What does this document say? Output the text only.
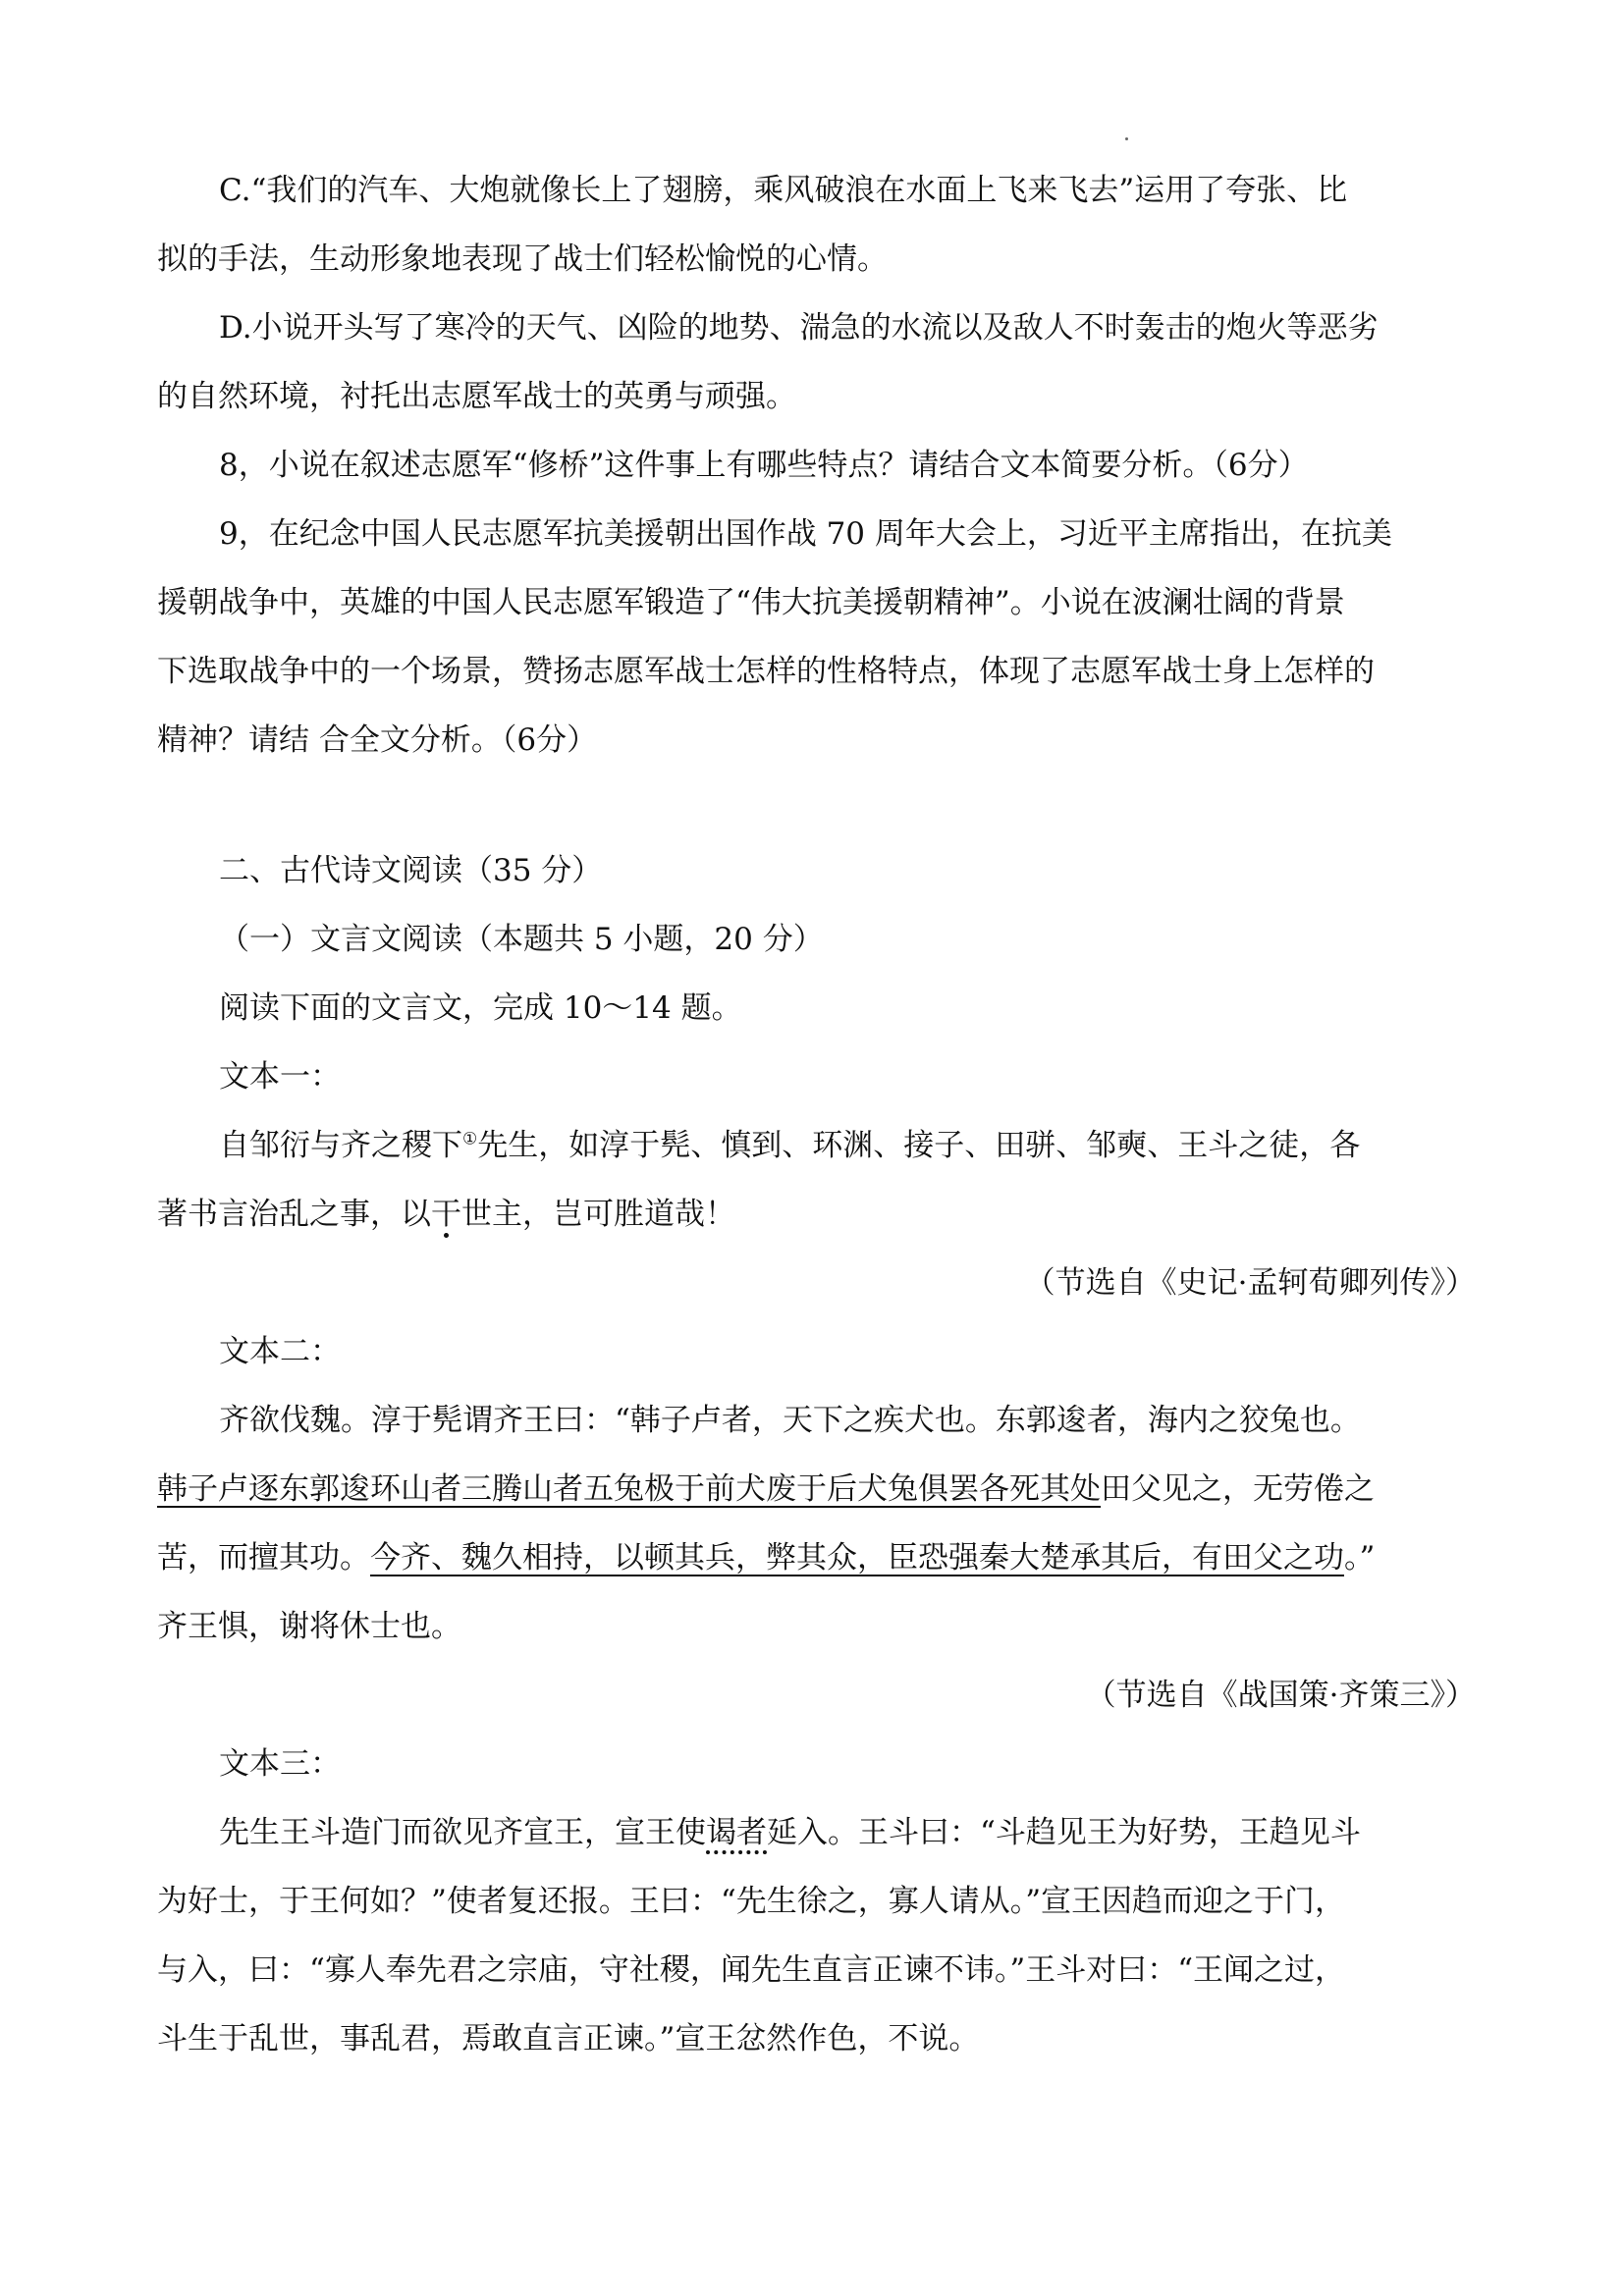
C.“我们的汽车、大炮就像长上了翅膀，乘风破浪在水面上飞来飞去”运用了夸张、比
拟的手法，生动形象地表现了战士们轻松愉悦的心情。
D.小说开头写了寒冷的天气、凶险的地势、湍急的水流以及敌人不时轰击的炮火等恶劣
的自然环境，衬托出志愿军战士的英勇与顽强。
8，小说在叙述志愿军“修桥”这件事上有哪些特点？请结合文本简要分析。（6分）
9，在纪念中国人民志愿军抗美援朝出国作战 70 周年大会上，习近平主席指出，在抗美
援朝战争中，英雄的中国人民志愿军锻造了“伟大抗美援朝精神”。小说在波澜壮阔的背景
下选取战争中的一个场景，赞扬志愿军战士怎样的性格特点，体现了志愿军战士身上怎样的
精神？请结 合全文分析。（6分）
二、古代诗文阅读（35 分）
（一）文言文阅读（本题共 5 小题，20 分）
阅读下面的文言文，完成 10～14 题。
文本一：
自邹衍与齐之稷下①先生，如淳于髡、慎到、环渊、接子、田骈、邹奭、王斗之徒，各
著书言治乱之事，以干世主，岂可胜道哉！
（节选自《史记·孟轲荀卿列传》）
文本二：
齐欲伐魏。淳于髡谓齐王曰：“韩子卢者，天下之疾犬也。东郭逡者，海内之狡兔也。
韩子卢逐东郭逡环山者三腾山者五兔极于前犬废于后犬兔俱罢各死其处田父见之，无劳倦之
苦，而擅其功。今齐、魏久相持，以顿其兵，弊其众，臣恐强秦大楚承其后，有田父之功。”
齐王惧，谢将休士也。
（节选自《战国策·齐策三》）
文本三：
先生王斗造门而欲见齐宣王，宣王使谒者延入。王斗曰：“斗趋见王为好势，王趋见斗
为好士，于王何如？”使者复还报。王曰：“先生徐之，寡人请从。”宣王因趋而迎之于门，
与入，曰：“寡人奉先君之宗庙，守社稷，闻先生直言正谏不讳。”王斗对曰：“王闻之过，
斗生于乱世，事乱君，焉敢直言正谏。”宣王忿然作色，不说。
